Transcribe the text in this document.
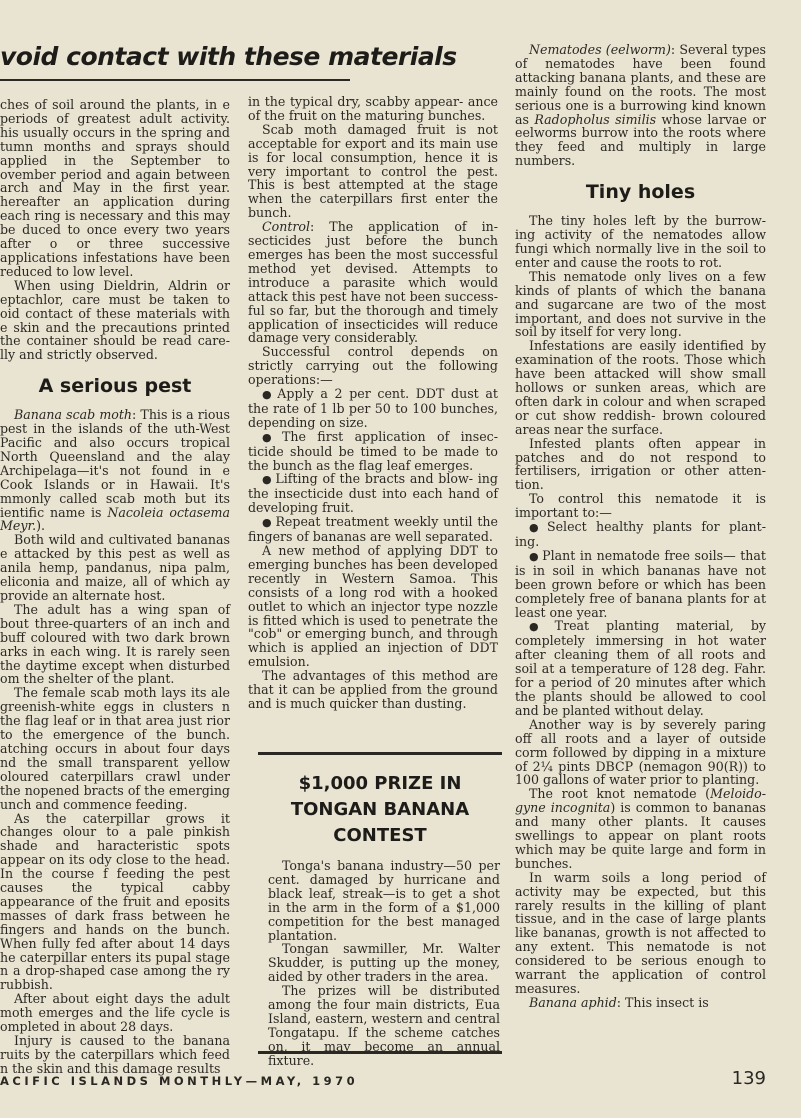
void contact with these materials

ches of soil around the plants, in e periods of greatest adult activity. his usually occurs in the spring and tumn months and sprays should applied in the September to ovember period and again between arch and May in the first year. hereafter an application during each ring is necessary and this may be duced to once every two years after o or three successive applications infestations have been reduced to low level.

When using Dieldrin, Aldrin or eptachlor, care must be taken to oid contact of these materials with e skin and the precautions printed the container should be read care- lly and strictly observed.

A serious pest

Banana scab moth: This is a rious pest in the islands of the uth-West Pacific and also occurs tropical North Queensland and the alay Archipelaga—it's not found in e Cook Islands or in Hawaii. It's mmonly called scab moth but its ientific name is Nacoleia octasema Meyr.).

Both wild and cultivated bananas e attacked by this pest as well as anila hemp, pandanus, nipa palm, eliconia and maize, all of which ay provide an alternate host.

The adult has a wing span of bout three-quarters of an inch and buff coloured with two dark brown arks in each wing. It is rarely seen the daytime except when disturbed om the shelter of the plant.

The female scab moth lays its ale greenish-white eggs in clusters n the flag leaf or in that area just rior to the emergence of the bunch. atching occurs in about four days nd the small transparent yellow oloured caterpillars crawl under the nopened bracts of the emerging unch and commence feeding.

As the caterpillar grows it changes olour to a pale pinkish shade and haracteristic spots appear on its ody close to the head. In the course f feeding the pest causes the typical cabby appearance of the fruit and eposits masses of dark frass between he fingers and hands on the bunch. When fully fed after about 14 days he caterpillar enters its pupal stage n a drop-shaped case among the ry rubbish.

After about eight days the adult moth emerges and the life cycle is ompleted in about 28 days.

Injury is caused to the banana ruits by the caterpillars which feed n the skin and this damage results

in the typical dry, scabby appear- ance of the fruit on the maturing bunches.

Scab moth damaged fruit is not acceptable for export and its main use is for local consumption, hence it is very important to control the pest. This is best attempted at the stage when the caterpillars first enter the bunch.

Control: The application of in- secticides just before the bunch emerges has been the most successful method yet devised. Attempts to introduce a parasite which would attack this pest have not been success- ful so far, but the thorough and timely application of insecticides will reduce damage very considerably.

Successful control depends on strictly carrying out the following operations:—

● Apply a 2 per cent. DDT dust at the rate of 1 lb per 50 to 100 bunches, depending on size.

● The first application of insec- ticide should be timed to be made to the bunch as the flag leaf emerges.

● Lifting of the bracts and blow- ing the insecticide dust into each hand of developing fruit.

● Repeat treatment weekly until the fingers of bananas are well separated.

A new method of applying DDT to emerging bunches has been developed recently in Western Samoa. This consists of a long rod with a hooked outlet to which an injector type nozzle is fitted which is used to penetrate the "cob" or emerging bunch, and through which is applied an injection of DDT emulsion.

The advantages of this method are that it can be applied from the ground and is much quicker than dusting.

$1,000 PRIZE IN TONGAN BANANA CONTEST

Tonga's banana industry—50 per cent. damaged by hurricane and black leaf, streak—is to get a shot in the arm in the form of a $1,000 competition for the best managed plantation.

Tongan sawmiller, Mr. Walter Skudder, is putting up the money, aided by other traders in the area.

The prizes will be distributed among the four main districts, Eua Island, eastern, western and central Tongatapu. If the scheme catches on, it may become an annual fixture.

Nematodes (eelworm): Several types of nematodes have been found attacking banana plants, and these are mainly found on the roots. The most serious one is a burrowing kind known as Radopholus similis whose larvae or eelworms burrow into the roots where they feed and multiply in large numbers.

Tiny holes

The tiny holes left by the burrow- ing activity of the nematodes allow fungi which normally live in the soil to enter and cause the roots to rot.

This nematode only lives on a few kinds of plants of which the banana and sugarcane are two of the most important, and does not survive in the soil by itself for very long.

Infestations are easily identified by examination of the roots. Those which have been attacked will show small hollows or sunken areas, which are often dark in colour and when scraped or cut show reddish- brown coloured areas near the surface.

Infested plants often appear in patches and do not respond to fertilisers, irrigation or other atten- tion.

To control this nematode it is important to:—

● Select healthy plants for plant- ing.

● Plant in nematode free soils— that is in soil in which bananas have not been grown before or which has been completely free of banana plants for at least one year.

● Treat planting material, by completely immersing in hot water after cleaning them of all roots and soil at a temperature of 128 deg. Fahr. for a period of 20 minutes after which the plants should be allowed to cool and be planted without delay.

Another way is by severely paring off all roots and a layer of outside corm followed by dipping in a mixture of 2¼ pints DBCP (nemagon 90(R)) to 100 gallons of water prior to planting.

The root knot nematode (Meloido- gyne incognita) is common to bananas and many other plants. It causes swellings to appear on plant roots which may be quite large and form in bunches.

In warm soils a long period of activity may be expected, but this rarely results in the killing of plant tissue, and in the case of large plants like bananas, growth is not affected to any extent. This nematode is not considered to be serious enough to warrant the application of control measures.

Banana aphid: This insect is

ACIFIC ISLANDS MONTHLY—MAY, 1970	139
